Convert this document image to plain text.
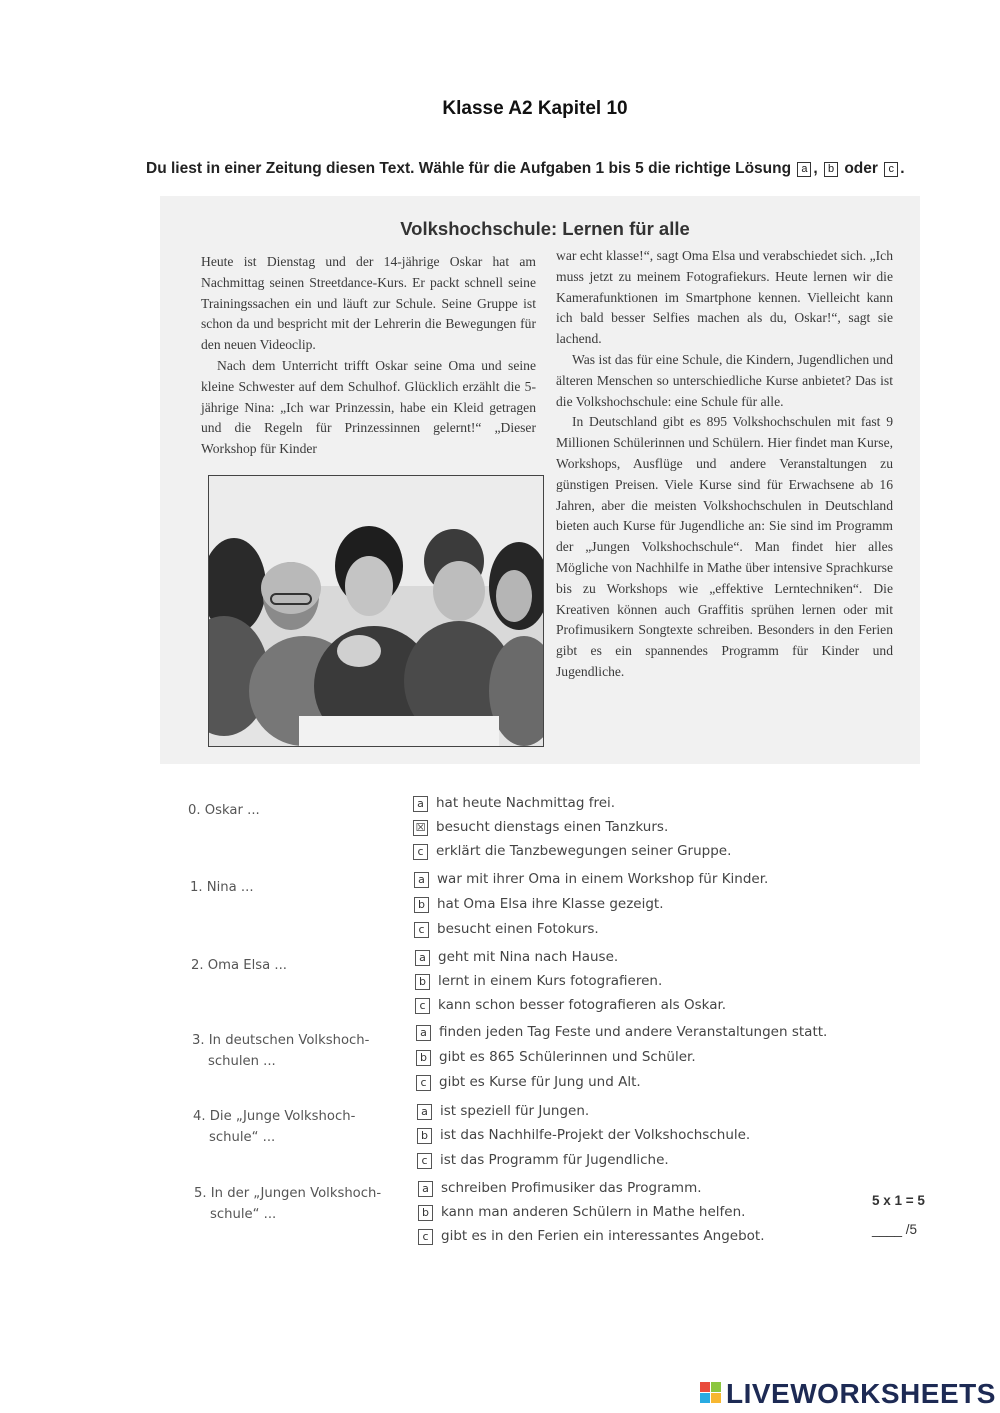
Klasse A2 Kapitel 10
Du liest in einer Zeitung diesen Text. Wähle für die Aufgaben 1 bis 5 die richtige Lösung a , b oder c .
Volkshochschule: Lernen für alle

Heute ist Dienstag und der 14-jährige Oskar hat am Nachmittag seinen Streetdance-Kurs. Er packt schnell seine Trainingssachen ein und läuft zur Schule. Seine Gruppe ist schon da und bespricht mit der Lehrerin die Bewegungen für den neuen Videoclip.

Nach dem Unterricht trifft Oskar seine Oma und seine kleine Schwester auf dem Schulhof. Glücklich erzählt die 5-jährige Nina: „Ich war Prinzessin, habe ein Kleid getragen und die Regeln für Prinzessinnen gelernt!“ „Dieser Workshop für Kinder

war echt klasse!“, sagt Oma Elsa und verabschiedet sich. „Ich muss jetzt zu meinem Fotografiekurs. Heute lernen wir die Kamerafunktionen im Smartphone kennen. Vielleicht kann ich bald besser Selfies machen als du, Oskar!“, sagt sie lachend.

Was ist das für eine Schule, die Kindern, Jugendlichen und älteren Menschen so unterschiedliche Kurse anbietet? Das ist die Volkshochschule: eine Schule für alle.

In Deutschland gibt es 895 Volkshochschulen mit fast 9 Millionen Schülerinnen und Schülern. Hier findet man Kurse, Workshops, Ausflüge und andere Veranstaltungen zu günstigen Preisen. Viele Kurse sind für Erwachsene ab 16 Jahren, aber die meisten Volkshochschulen in Deutschland bieten auch Kurse für Jugendliche an: Sie sind im Programm der „Jungen Volkshochschule“. Man findet hier alles Mögliche von Nachhilfe in Mathe über intensive Sprachkurse bis zu Workshops wie „effektive Lerntechniken“. Die Kreativen können auch Graffitis sprühen lernen oder mit Profimusikern Songtexte schreiben. Besonders in den Ferien gibt es ein spannendes Programm für Kinder und Jugendliche.

0. Oskar ...	a hat heute Nachmittag frei.
☒ besucht dienstags einen Tanzkurs.
c erklärt die Tanzbewegungen seiner Gruppe.
1. Nina ...
a war mit ihrer Oma in einem Workshop für Kinder.
b hat Oma Elsa ihre Klasse gezeigt.
c besucht einen Fotokurs.
2. Oma Elsa ...
a geht mit Nina nach Hause.
b lernt in einem Kurs fotografieren.
c kann schon besser fotografieren als Oskar.
3. In deutschen Volkshoch-
schulen ...
a finden jeden Tag Feste und andere Veranstaltungen statt.
b gibt es 865 Schülerinnen und Schüler.
c gibt es Kurse für Jung und Alt.
4. Die „Junge Volkshoch-
schule“ ...
a ist speziell für Jungen.
b ist das Nachhilfe-Projekt der Volkshochschule.
c ist das Programm für Jugendliche.
5. In der „Jungen Volkshoch-
schule“ ...
a schreiben Profimusiker das Programm.
b kann man anderen Schülern in Mathe helfen.
c gibt es in den Ferien ein interessantes Angebot.
5 x 1 = 5
____ /5
LIVEWORKSHEETS
